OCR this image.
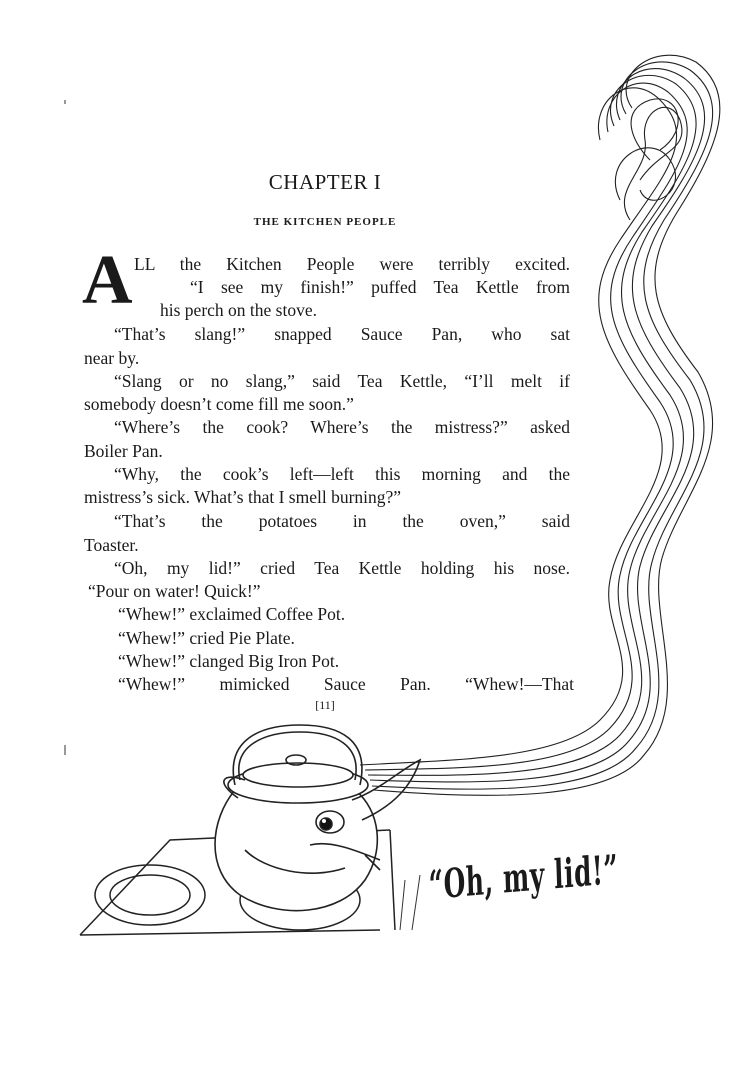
CHAPTER I
THE KITCHEN PEOPLE
A LL the Kitchen People were terribly excited.
“I see my finish!” puffed Tea Kettle from
his perch on the stove.
“That’s slang!” snapped Sauce Pan, who sat
near by.
“Slang or no slang,” said Tea Kettle, “I’ll melt if
somebody doesn’t come fill me soon.”
“Where’s the cook? Where’s the mistress?” asked
Boiler Pan.
“Why, the cook’s left—left this morning and the
mistress’s sick. What’s that I smell burning?”
“That’s the potatoes in the oven,” said
Toaster.
“Oh, my lid!” cried Tea Kettle holding his nose.
“Pour on water! Quick!”
“Whew!” exclaimed Coffee Pot.
“Whew!” cried Pie Plate.
“Whew!” clanged Big Iron Pot.
“Whew!” mimicked Sauce Pan. “Whew!—That
[11]
“Oh, my lid!”
